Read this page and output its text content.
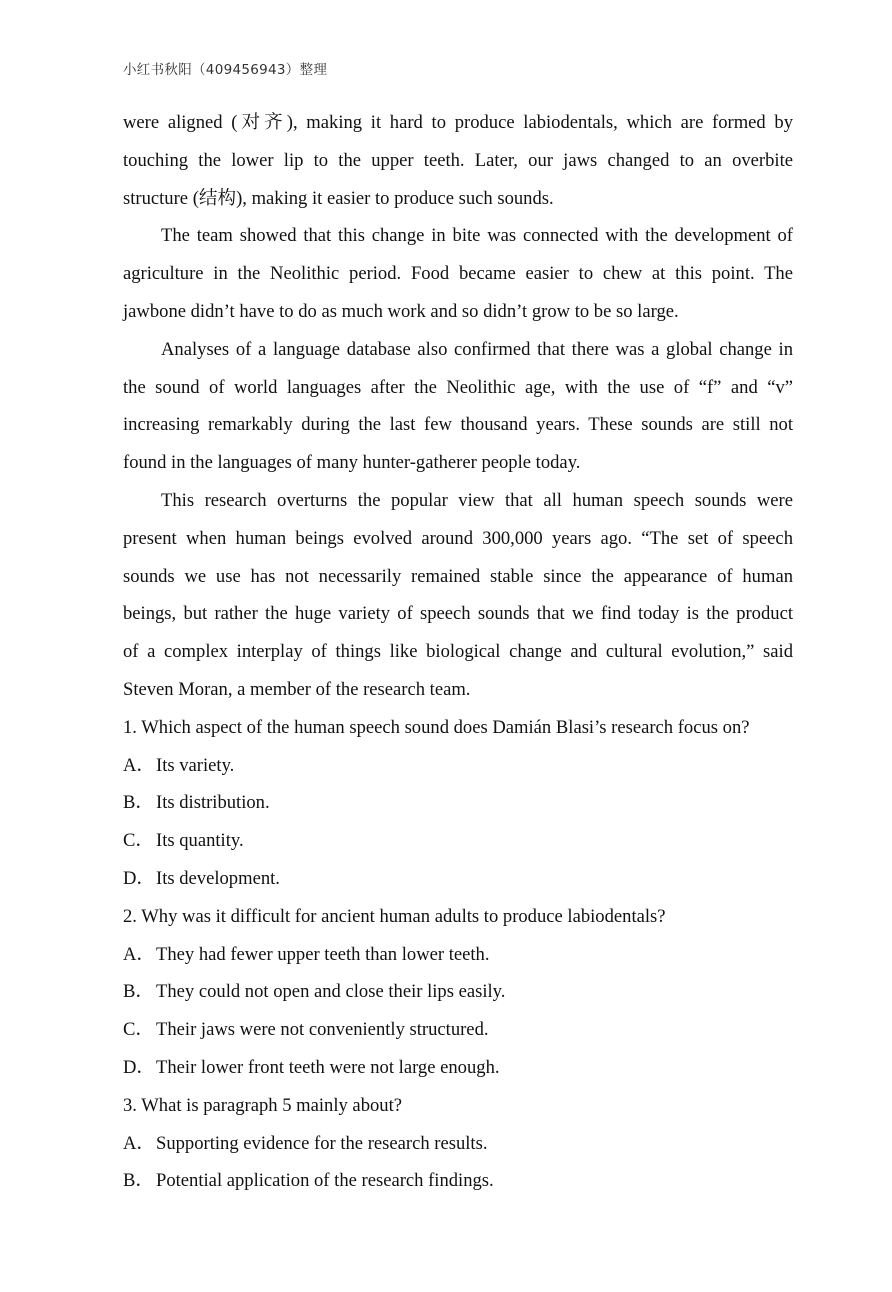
小红书秋阳（409456943）整理
were aligned (对齐), making it hard to produce labiodentals, which are formed by
touching the lower lip to the upper teeth. Later, our jaws changed to an overbite
structure (结构), making it easier to produce such sounds.
The team showed that this change in bite was connected with the development of
agriculture in the Neolithic period. Food became easier to chew at this point. The
jawbone didn’t have to do as much work and so didn’t grow to be so large.
Analyses of a language database also confirmed that there was a global change in
the sound of world languages after the Neolithic age, with the use of “f” and “v”
increasing remarkably during the last few thousand years. These sounds are still not
found in the languages of many hunter-gatherer people today.
This research overturns the popular view that all human speech sounds were
present when human beings evolved around 300,000 years ago. “The set of speech
sounds we use has not necessarily remained stable since the appearance of human
beings, but rather the huge variety of speech sounds that we find today is the product
of a complex interplay of things like biological change and cultural evolution,” said
Steven Moran, a member of the research team.
1. Which aspect of the human speech sound does Damián Blasi’s research focus on?
A．Its variety.
B． Its distribution.
C． Its quantity.
D．Its development.
2. Why was it difficult for ancient human adults to produce labiodentals?
A．They had fewer upper teeth than lower teeth.
B． They could not open and close their lips easily.
C． Their jaws were not conveniently structured.
D．Their lower front teeth were not large enough.
3. What is paragraph 5 mainly about?
A．Supporting evidence for the research results.
B． Potential application of the research findings.
